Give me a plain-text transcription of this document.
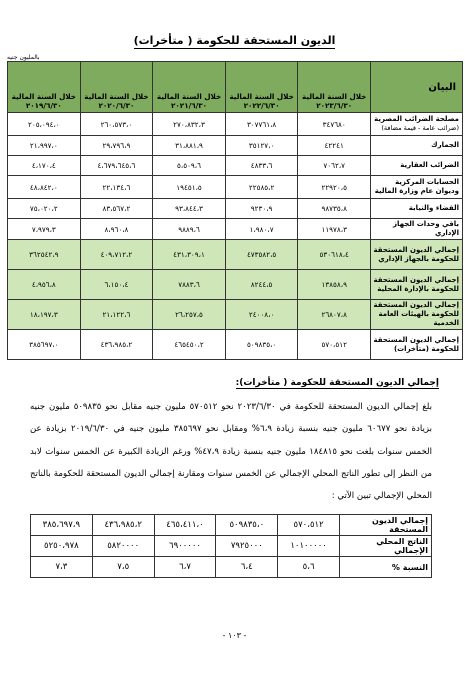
الديون المستحقة للحكومة ( متأخرات)
بالمليون جنيه
البيان	خلال السنة المالية ٢٠٢٣/٦/٣٠	خلال السنة المالية ٢٠٢٢/٦/٣٠	خلال السنة المالية ٢٠٢١/٦/٣٠	خلال السنة المالية ٢٠٢٠/٦/٣٠	خلال السنة المالية ٢٠١٩/٦/٣٠
مصلحة الضرائب المصرية
(ضرائب عامة - قيمة مضافة)	٣٤٧٦٨٠	٣٠٧٧٦١،٨	٢٧٠،٨٣٢،٣	٢٦٠،٥٧٣،٠	٢٠٥،٠٩٤،٠
الجمارك	٤٢٢٤١	٣٥١٢٧،٠	٣١،٨٨١،٩	٢٩،٧٩٦،٩	٢١،٩٩٧،٠
الضرائب العقارية	٧٠٦٢،٧	٤٨٣٣،٦	٥،٥٠٩،٦	٤،٦٧٩،٦٤٥،٦	٤،١٧٠،٤
الحسابات المركزية وديوان عام وزارة المالية	٢٢٩٢٠،٥	٢٢٥٨٥،٢	١٩٤٥١،٥	٢٢،١٣٤،٦	٤٨،٨٤٢،٠
القضاء والنيابة	٩٨٧٣٥،٨	٩٢٣٠،٩	٩٣،٨٤٤،٣	٨٣،٥٦٧،٢	٧٥،٠٢٠،٢
باقي وحدات الجهاز الإداري	١١٩٧٨،٣	١،٩٨٠،٧	٩٨٨٩،٦	٨،٩٦٠،٨	٧،٩٧٩،٣
إجمالي الديون المستحقة للحكومة بالجهاز الإداري	٥٣٠٦١٨،٤	٤٧٣٥٨٢،٥	٤٣١،٣٠٩،١	٤٠٩،٧١٢،٢	٣٦٢٥٤٢،٩
إجمالي الديون المستحقة للحكومة بالإدارة المحلية	١٣٨٥٨،٩	٨٢٤٤،٥	٧٨٨٣،٦	٦،١٥٠،٤	٤،٩٥٦،٨
إجمالي الديون المستحقة للحكومة بالهيئات العامة الخدمية	٢٦٨٠٧،٨	٢٤٠٠٨،٠	٢٦،٢٥٧،٥	٢١،١٢٢،٦	١٨،١٩٧،٣
إجمالي الديون المستحقة للحكومة (متأخرات)	٥٧٠،٥١٢	٥٠٩٨٣٥،٠	٤٦٥٤٥٠،٢	٤٣٦،٩٨٥،٢	٣٨٥٦٩٧،٠
إجمالي الديون المستحقة للحكومة ( متأخرات):
بلغ إجمالي الديون المستحقة للحكومة في ٢٠٢٣/٦/٣٠ نحو ٥٧٠٥١٢ مليون جنيه مقابل نحو ٥٠٩٨٣٥ مليون جنيه بزيادة نحو ٦٠٦٧٧ مليون جنيه بنسبة زيادة ٦،٩% ومقابل نحو ٣٨٥٦٩٧ مليون جنيه في ٢٠١٩/٦/٣٠ بزيادة عن الخمس سنوات بلغت نحو ١٨٤٨١٥ مليون جنيه بنسبة زيادة ٤٧،٩% ورغم الزيادة الكبيرة عن الخمس سنوات لابد من النظر إلى تطور الناتج المحلي الإجمالي عن الخمس سنوات ومقارنة إجمالي الديون المستحقة للحكومة بالناتج المحلي الإجمالي تبين الآتي :
إجمالي الديون المستحقة	٥٧٠،٥١٢	٥٠٩٨٣٥،٠	٤٦٥،٤١١،٠	٤٣٦،٩٨٥،٢	٣٨٥،٦٩٧،٩
الناتج المحلي الإجمالي	١٠١٠٠٠٠٠	٧٩٢٥٠٠٠	٦٩٠٠٠٠٠	٥٨٢٠٠٠٠	٥٢٥٠،٩٧٨
النسبة %	٥،٦	٦،٤	٦،٧	٧،٥	٧،٣
- ١٠٣ -
